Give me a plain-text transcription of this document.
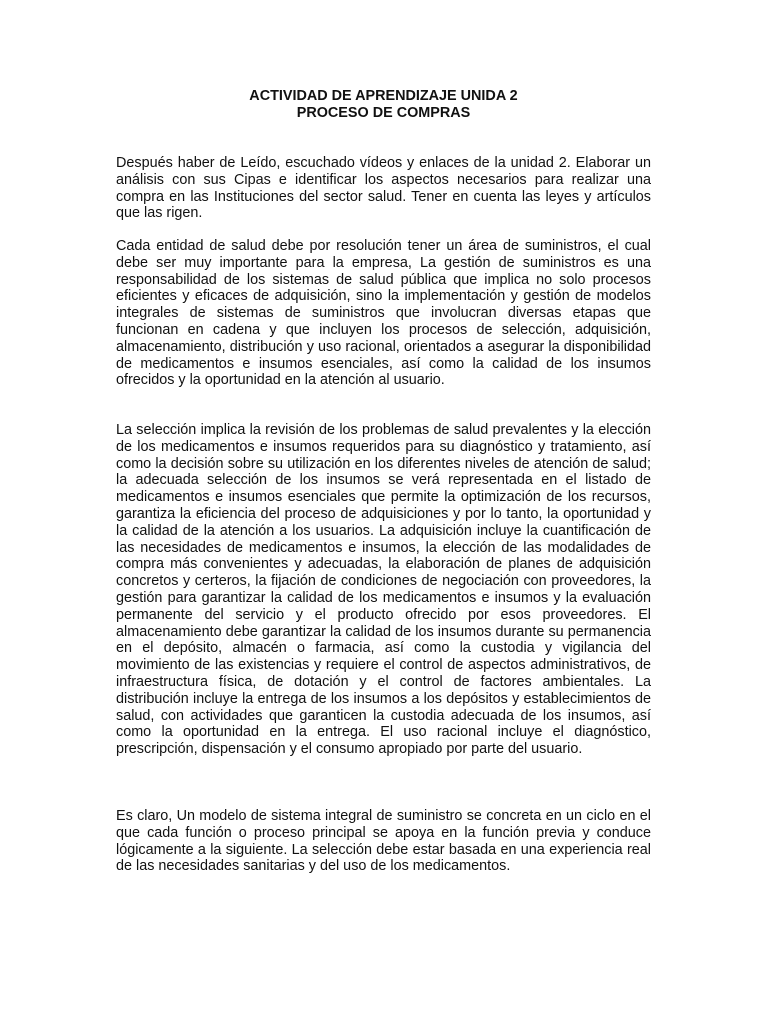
ACTIVIDAD DE APRENDIZAJE UNIDA 2
PROCESO DE COMPRAS

Después haber de Leído, escuchado vídeos y enlaces de la unidad 2. Elaborar un análisis con sus Cipas e identificar los aspectos necesarios para realizar una compra en las Instituciones del sector salud. Tener en cuenta las leyes y artículos que las rigen.

Cada entidad de salud debe por resolución tener un área de suministros, el cual debe ser muy importante para la empresa, La gestión de suministros es una responsabilidad de los sistemas de salud pública que implica no solo procesos eficientes y eficaces de adquisición, sino la implementación y gestión de modelos integrales de sistemas de suministros que involucran diversas etapas que funcionan en cadena y que incluyen los procesos de selección, adquisición, almacenamiento, distribución y uso racional, orientados a asegurar la disponibilidad de medicamentos e insumos esenciales, así como la calidad de los insumos ofrecidos y la oportunidad en la atención al usuario.

La selección implica la revisión de los problemas de salud prevalentes y la elección de los medicamentos e insumos requeridos para su diagnóstico y tratamiento, así como la decisión sobre su utilización en los diferentes niveles de atención de salud; la adecuada selección de los insumos se verá representada en el listado de medicamentos e insumos esenciales que permite la optimización de los recursos, garantiza la eficiencia del proceso de adquisiciones y por lo tanto, la oportunidad y la calidad de la atención a los usuarios. La adquisición incluye la cuantificación de las necesidades de medicamentos e insumos, la elección de las modalidades de compra más convenientes y adecuadas, la elaboración de planes de adquisición concretos y certeros, la fijación de condiciones de negociación con proveedores, la gestión para garantizar la calidad de los medicamentos e insumos y la evaluación permanente del servicio y el producto ofrecido por esos proveedores. El almacenamiento debe garantizar la calidad de los insumos durante su permanencia en el depósito, almacén o farmacia, así como la custodia y vigilancia del movimiento de las existencias y requiere el control de aspectos administrativos, de infraestructura física, de dotación y el control de factores ambientales. La distribución incluye la entrega de los insumos a los depósitos y establecimientos de salud, con actividades que garanticen la custodia adecuada de los insumos, así como la oportunidad en la entrega. El uso racional incluye el diagnóstico, prescripción, dispensación y el consumo apropiado por parte del usuario.

Es claro, Un modelo de sistema integral de suministro se concreta en un ciclo en el que cada función o proceso principal se apoya en la función previa y conduce lógicamente a la siguiente. La selección debe estar basada en una experiencia real de las necesidades sanitarias y del uso de los medicamentos.
